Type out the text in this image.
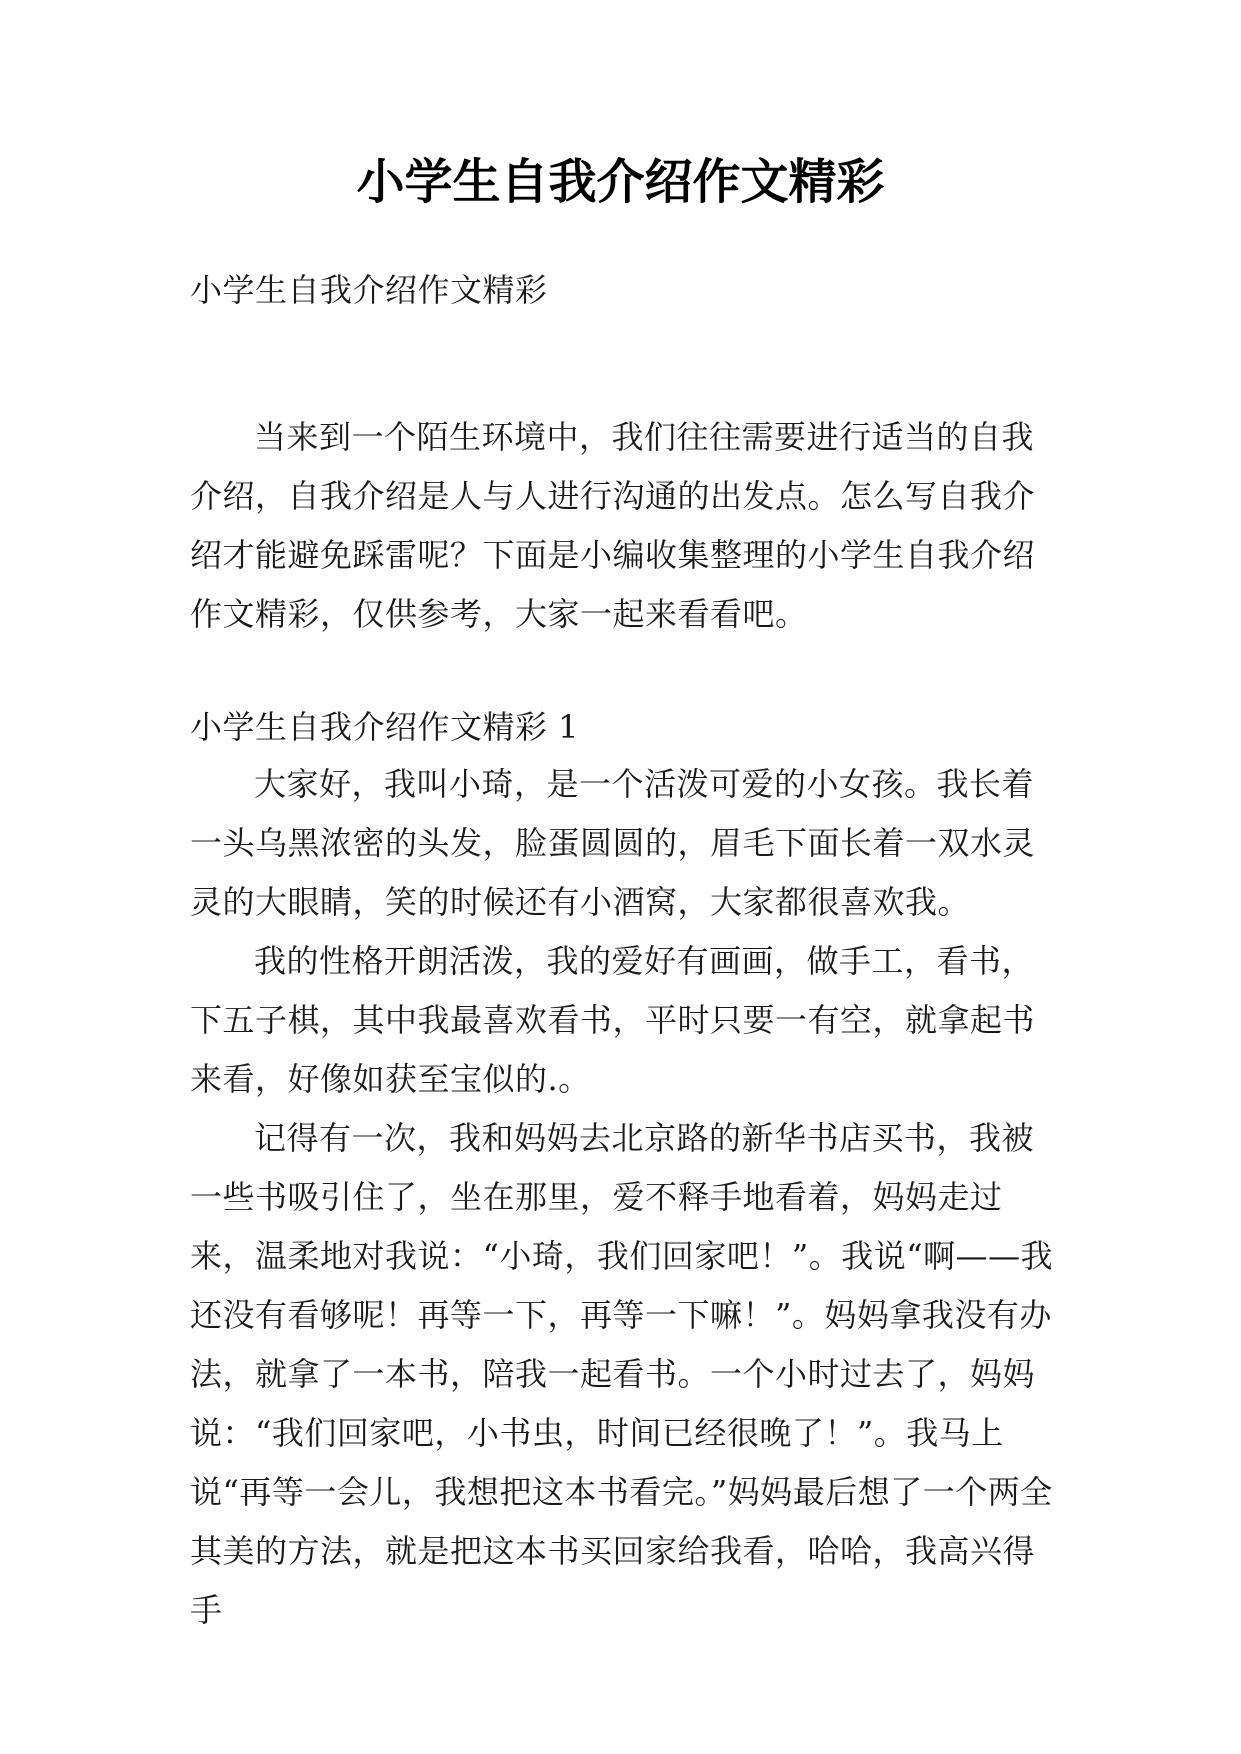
小学生自我介绍作文精彩

小学生自我介绍作文精彩

当来到一个陌生环境中，我们往往需要进行适当的自我介绍，自我介绍是人与人进行沟通的出发点。怎么写自我介绍才能避免踩雷呢？下面是小编收集整理的小学生自我介绍作文精彩，仅供参考，大家一起来看看吧。

小学生自我介绍作文精彩 1

大家好，我叫小琦，是一个活泼可爱的小女孩。我长着一头乌黑浓密的头发，脸蛋圆圆的，眉毛下面长着一双水灵灵的大眼睛，笑的时候还有小酒窝，大家都很喜欢我。

我的性格开朗活泼，我的爱好有画画，做手工，看书，下五子棋，其中我最喜欢看书，平时只要一有空，就拿起书来看，好像如获至宝似的.。

记得有一次，我和妈妈去北京路的新华书店买书，我被一些书吸引住了，坐在那里，爱不释手地看着，妈妈走过来，温柔地对我说：“小琦，我们回家吧！”。我说“啊——我还没有看够呢！再等一下，再等一下嘛！”。妈妈拿我没有办法，就拿了一本书，陪我一起看书。一个小时过去了，妈妈说：“我们回家吧，小书虫，时间已经很晚了！”。我马上说“再等一会儿，我想把这本书看完。”妈妈最后想了一个两全其美的方法，就是把这本书买回家给我看，哈哈，我高兴得手
